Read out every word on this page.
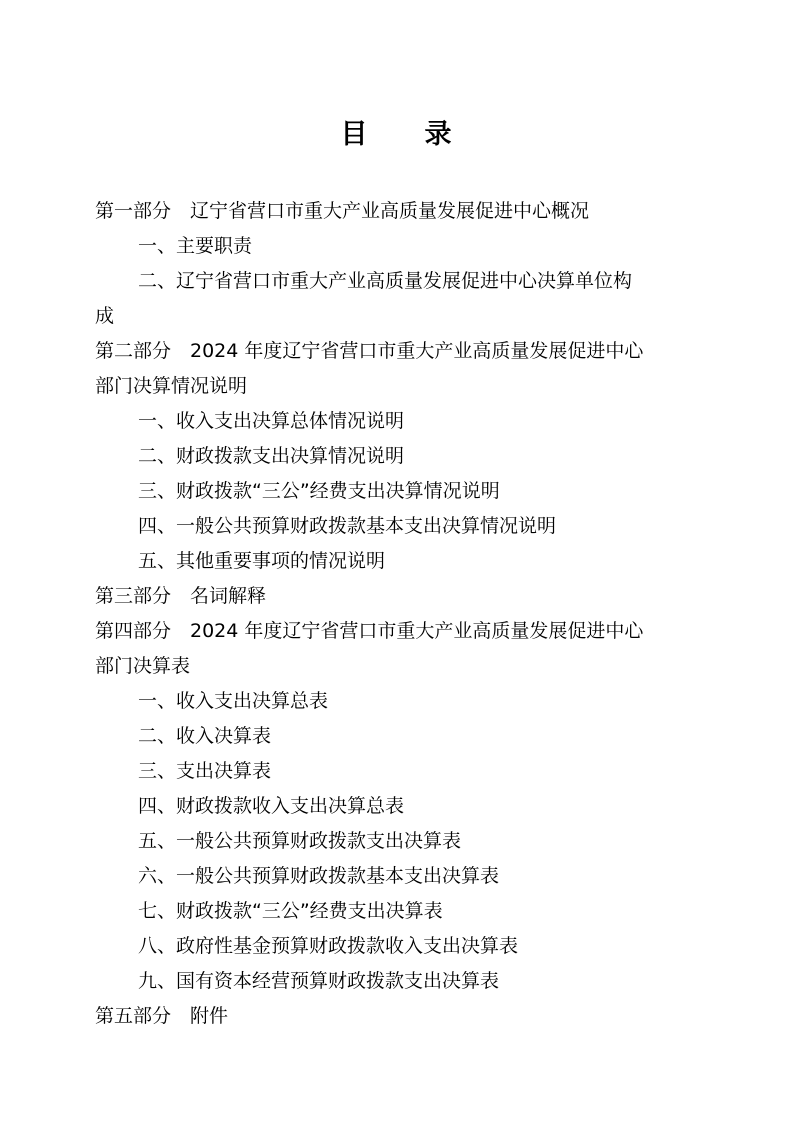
目　　录
第一部分　辽宁省营口市重大产业高质量发展促进中心概况
一、主要职责
二、辽宁省营口市重大产业高质量发展促进中心决算单位构
成
第二部分　2024 年度辽宁省营口市重大产业高质量发展促进中心
部门决算情况说明
一、收入支出决算总体情况说明
二、财政拨款支出决算情况说明
三、财政拨款“三公”经费支出决算情况说明
四、一般公共预算财政拨款基本支出决算情况说明
五、其他重要事项的情况说明
第三部分　名词解释
第四部分　2024 年度辽宁省营口市重大产业高质量发展促进中心
部门决算表
一、收入支出决算总表
二、收入决算表
三、支出决算表
四、财政拨款收入支出决算总表
五、一般公共预算财政拨款支出决算表
六、一般公共预算财政拨款基本支出决算表
七、财政拨款“三公”经费支出决算表
八、政府性基金预算财政拨款收入支出决算表
九、国有资本经营预算财政拨款支出决算表
第五部分　附件
